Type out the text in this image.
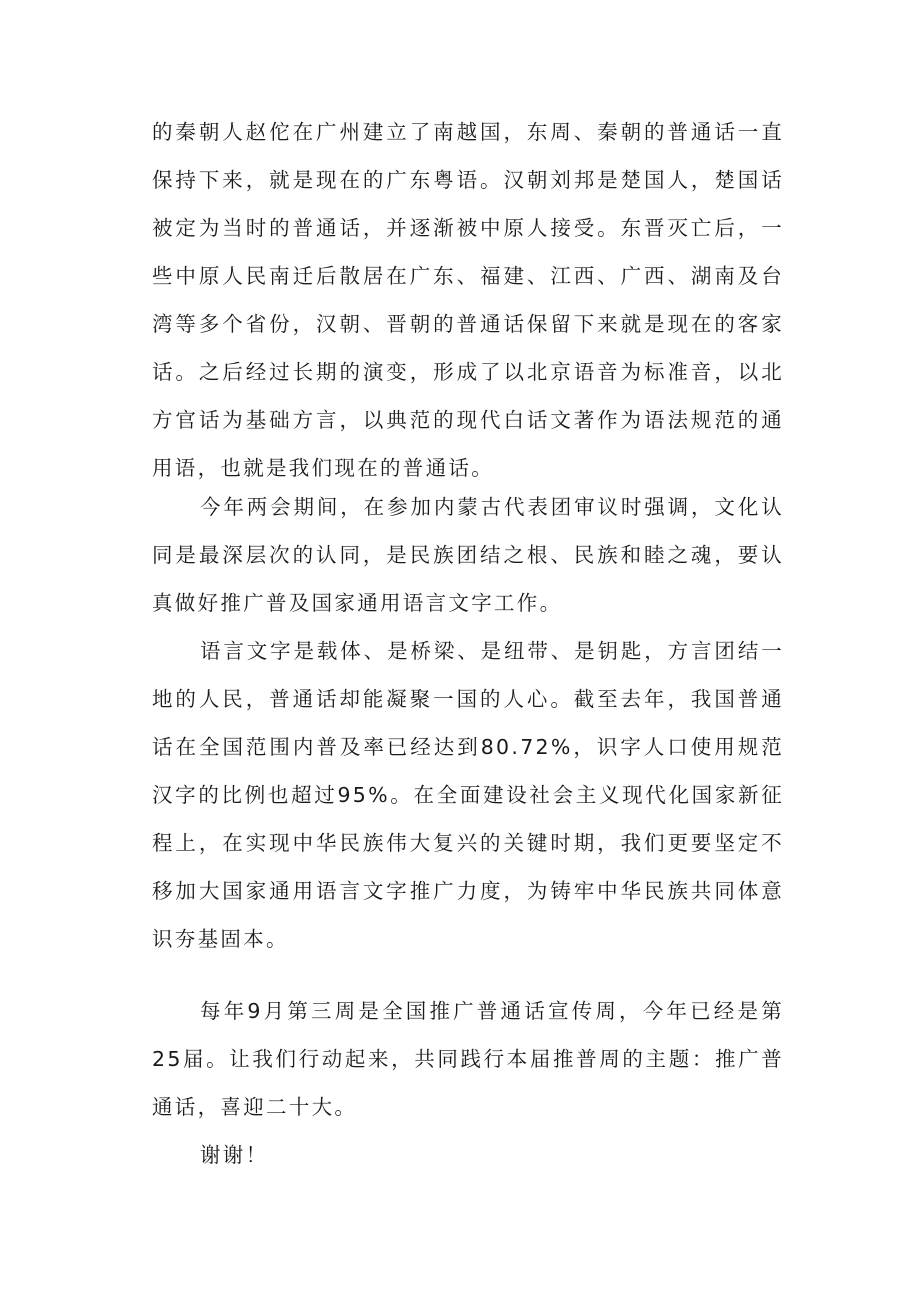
的秦朝人赵佗在广州建立了南越国，东周、秦朝的普通话一直保持下来，就是现在的广东粤语。汉朝刘邦是楚国人，楚国话被定为当时的普通话，并逐渐被中原人接受。东晋灭亡后，一些中原人民南迁后散居在广东、福建、江西、广西、湖南及台湾等多个省份，汉朝、晋朝的普通话保留下来就是现在的客家话。之后经过长期的演变，形成了以北京语音为标准音，以北方官话为基础方言，以典范的现代白话文著作为语法规范的通用语，也就是我们现在的普通话。

今年两会期间，在参加内蒙古代表团审议时强调，文化认同是最深层次的认同，是民族团结之根、民族和睦之魂，要认真做好推广普及国家通用语言文字工作。

语言文字是载体、是桥梁、是纽带、是钥匙，方言团结一地的人民，普通话却能凝聚一国的人心。截至去年，我国普通话在全国范围内普及率已经达到80.72%，识字人口使用规范汉字的比例也超过95%。在全面建设社会主义现代化国家新征程上，在实现中华民族伟大复兴的关键时期，我们更要坚定不移加大国家通用语言文字推广力度，为铸牢中华民族共同体意识夯基固本。

每年9月第三周是全国推广普通话宣传周，今年已经是第25届。让我们行动起来，共同践行本届推普周的主题：推广普通话，喜迎二十大。

谢谢！
